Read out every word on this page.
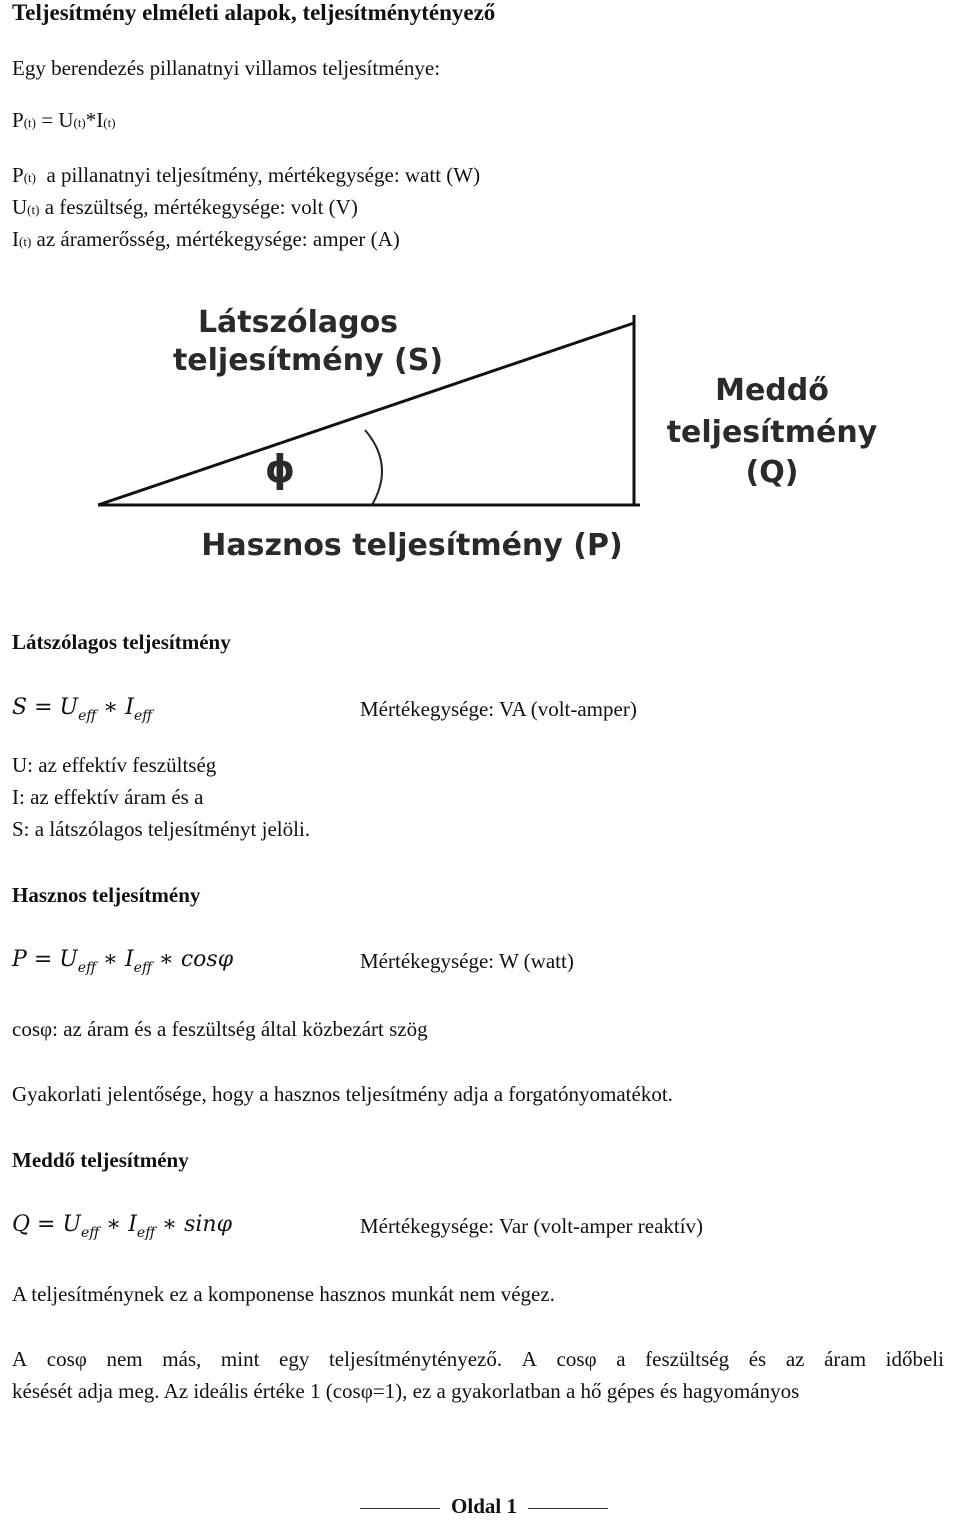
Teljesítmény elméleti alapok, teljesítménytényező
Egy berendezés pillanatnyi villamos teljesítménye:
P(t) = U(t)*I(t)
P(t)  a pillanatnyi teljesítmény, mértékegysége: watt (W)
U(t) a feszültség, mértékegysége: volt (V)
I(t) az áramerősség, mértékegysége: amper (A)
Látszólagos
teljesítmény (S)
Meddő
teljesítmény
(Q)
Hasznos teljesítmény (P)
ϕ
Látszólagos teljesítmény
$S = U_{eff}$ ∗ $I_{eff}$	Mértékegysége: VA (volt-amper)
U: az effektív feszültség
I: az effektív áram és a
S: a látszólagos teljesítményt jelöli.
Hasznos teljesítmény
$P = U_{eff}$ ∗ $I_{eff}$ ∗ cosφ	Mértékegysége: W (watt)
cosφ: az áram és a feszültség által közbezárt szög
Gyakorlati jelentősége, hogy a hasznos teljesítmény adja a forgatónyomatékot.
Meddő teljesítmény
$Q = U_{eff}$ ∗ $I_{eff}$ ∗ sinφ	Mértékegysége: Var (volt-amper reaktív)
A teljesítménynek ez a komponense hasznos munkát nem végez.
A cosφ nem más, mint egy teljesítménytényező. A cosφ a feszültség és az áram időbeli
késését adja meg. Az ideális értéke 1 (cosφ=1), ez a gyakorlatban a hő gépes és hagyományos
Oldal 1
